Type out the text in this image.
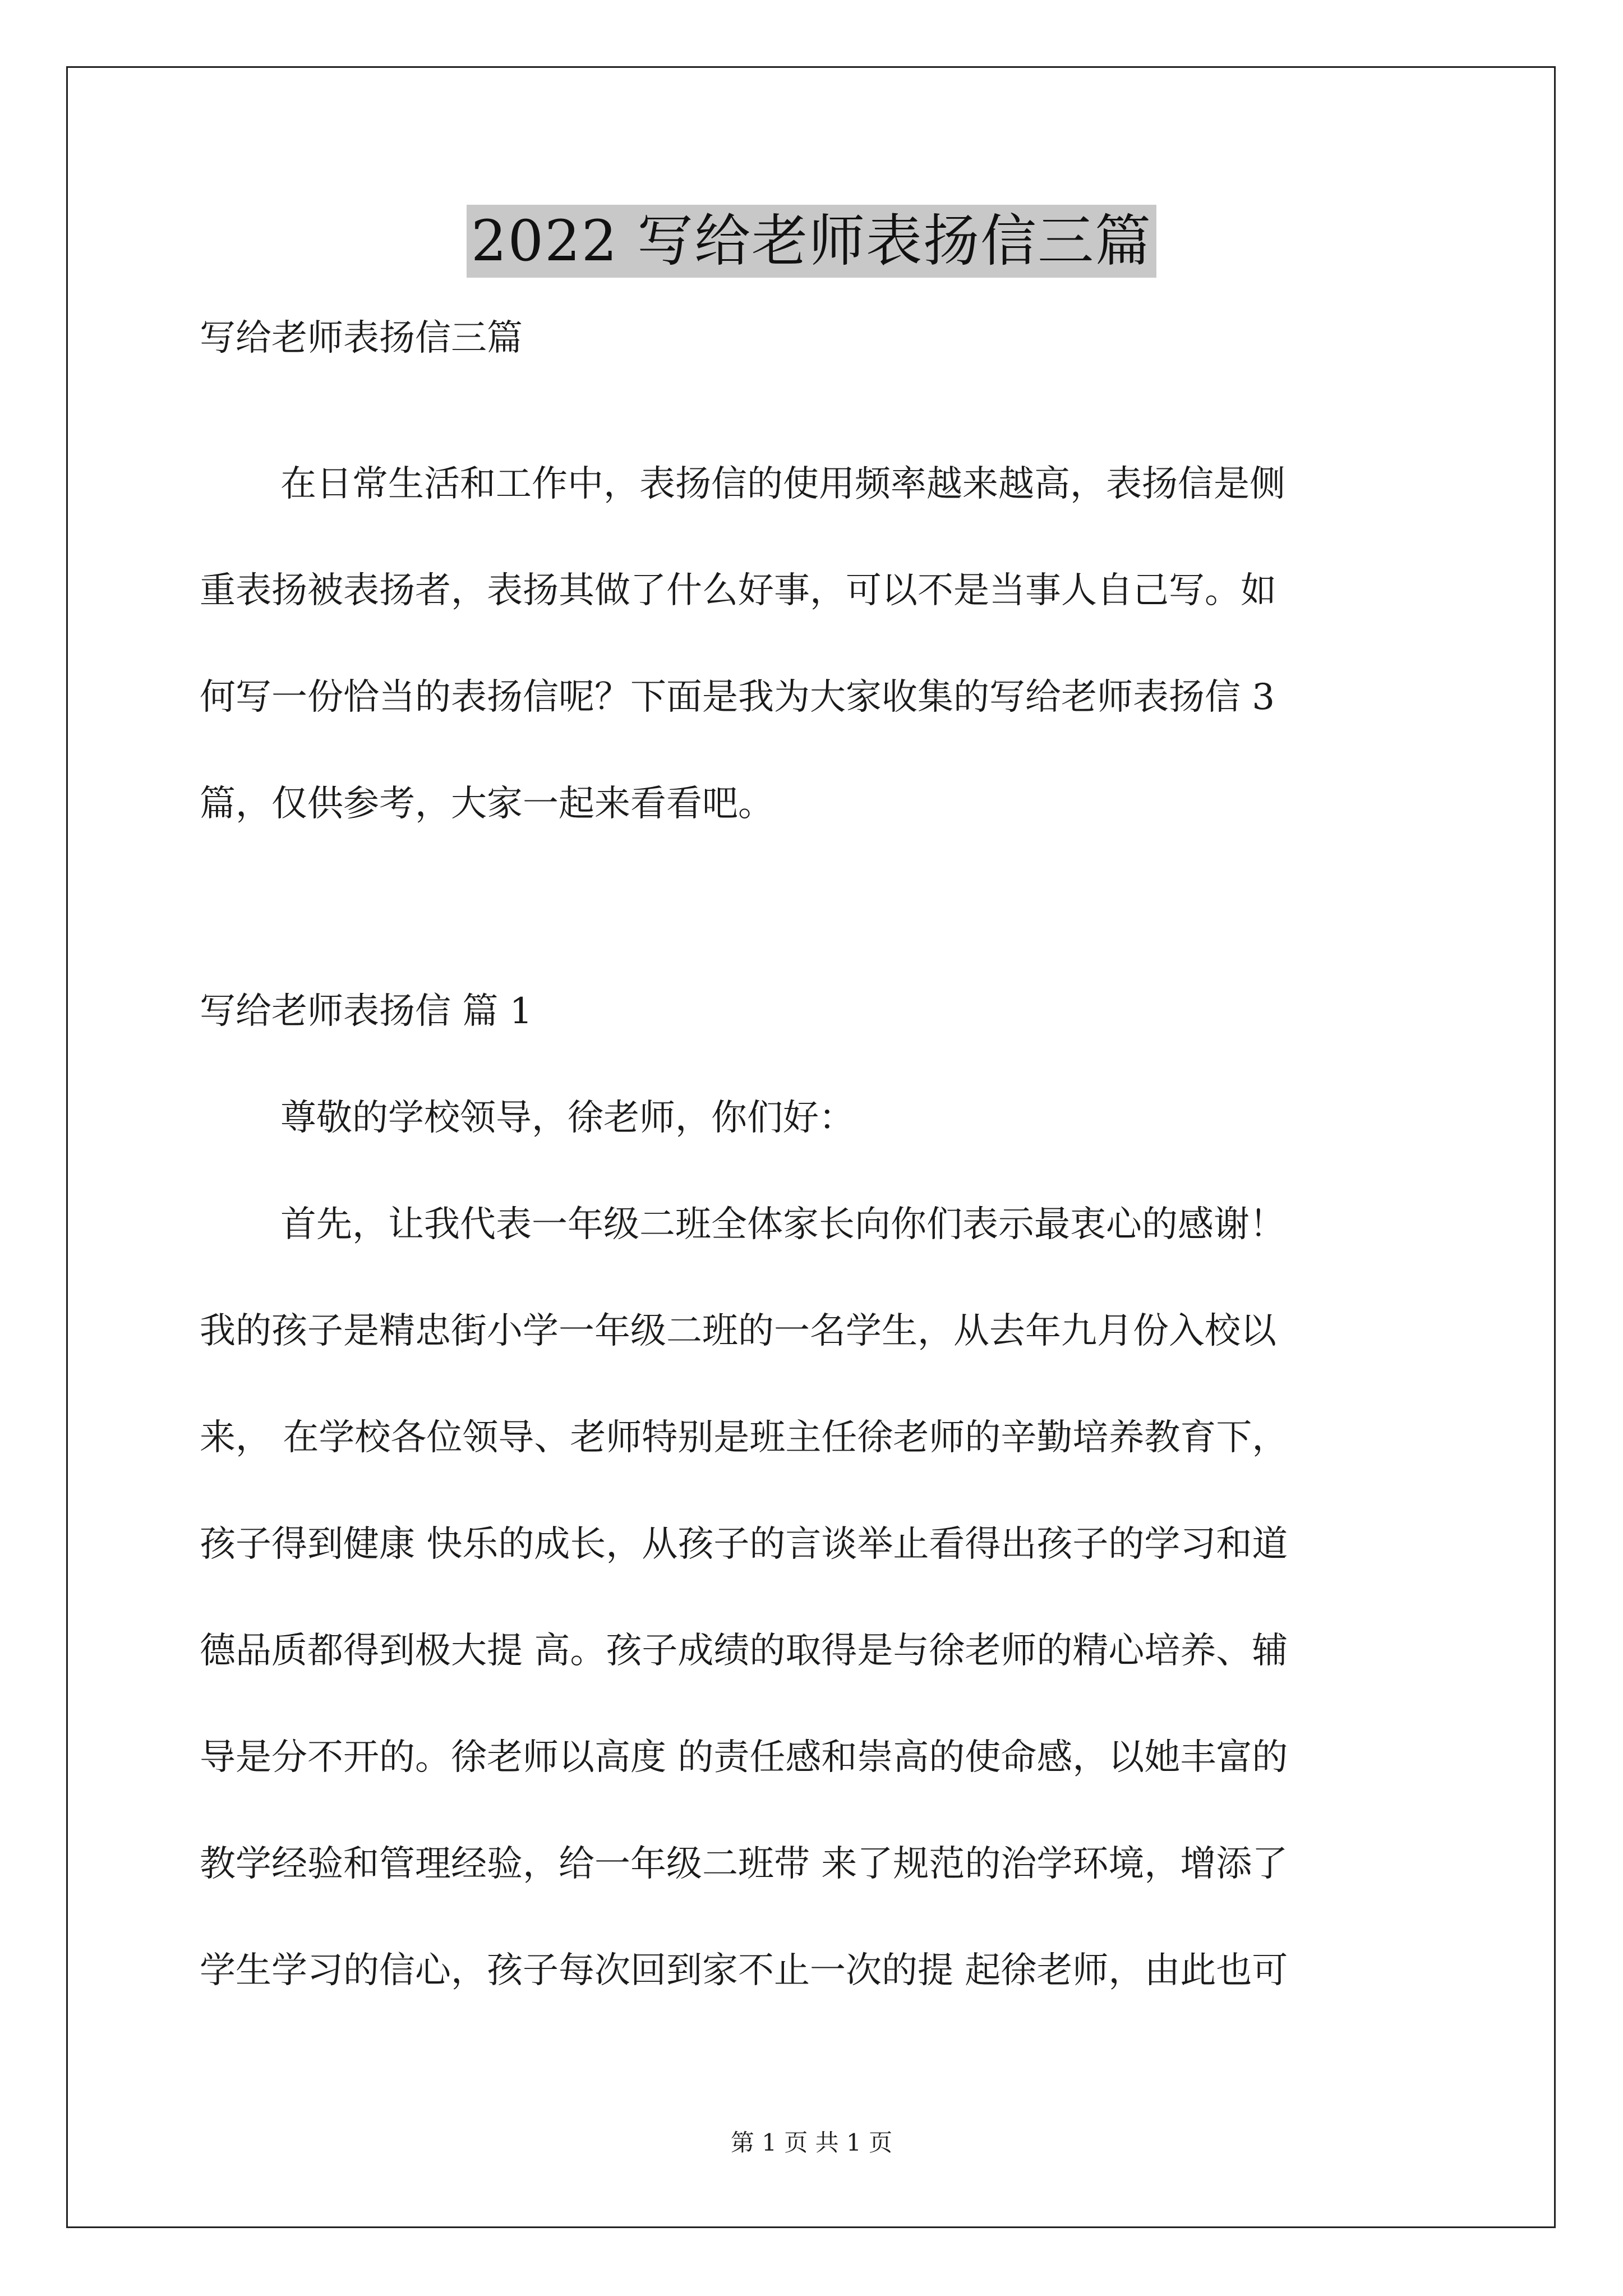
2022 写给老师表扬信三篇
写给老师表扬信三篇
在日常生活和工作中，表扬信的使用频率越来越高，表扬信是侧
重表扬被表扬者，表扬其做了什么好事，可以不是当事人自己写。如
何写一份恰当的表扬信呢？下面是我为大家收集的写给老师表扬信 3
篇，仅供参考，大家一起来看看吧。
写给老师表扬信 篇 1
尊敬的学校领导，徐老师，你们好：
首先，让我代表一年级二班全体家长向你们表示最衷心的感谢！
我的孩子是精忠街小学一年级二班的一名学生，从去年九月份入校以
来， 在学校各位领导、老师特别是班主任徐老师的辛勤培养教育下，
孩子得到健康 快乐的成长，从孩子的言谈举止看得出孩子的学习和道
德品质都得到极大提 高。孩子成绩的取得是与徐老师的精心培养、辅
导是分不开的。徐老师以高度 的责任感和崇高的使命感，以她丰富的
教学经验和管理经验，给一年级二班带 来了规范的治学环境，增添了
学生学习的信心，孩子每次回到家不止一次的提 起徐老师，由此也可
第 1 页 共 1 页
